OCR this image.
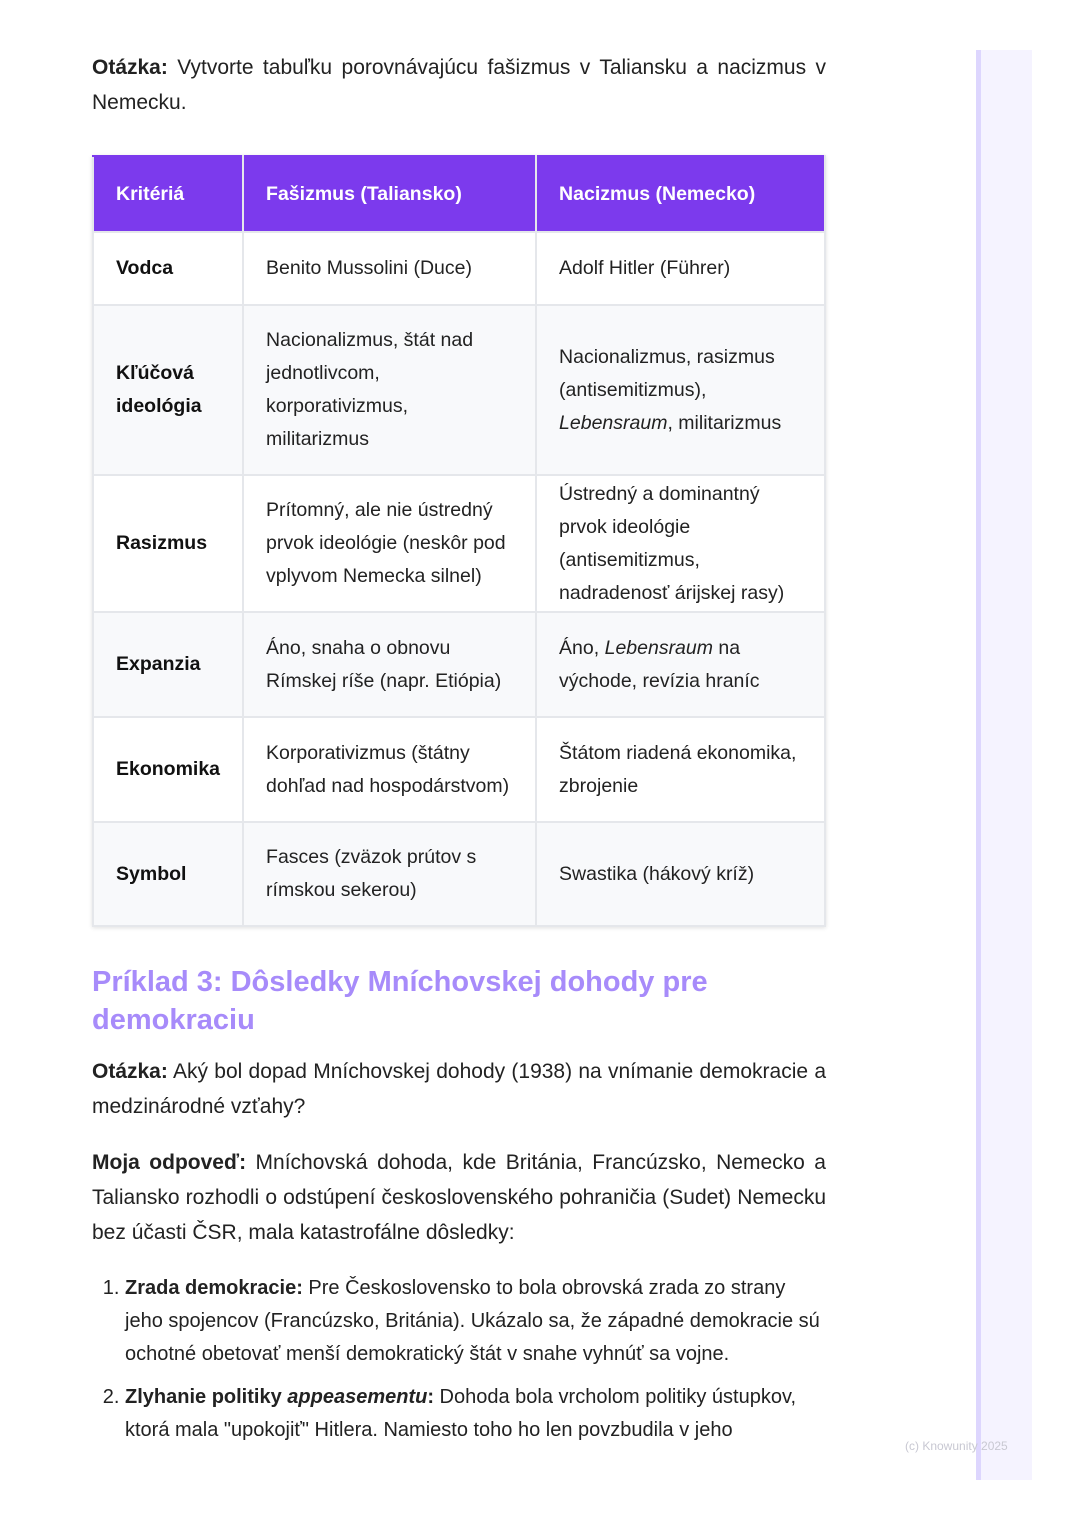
Otázka: Vytvorte tabuľku porovnávajúcu fašizmus v Taliansku a nacizmus v Nemecku.

Kritériá	Fašizmus (Taliansko)	Nacizmus (Nemecko)
Vodca	Benito Mussolini (Duce)	Adolf Hitler (Führer)
Kľúčová ideológia	Nacionalizmus, štát nad jednotlivcom, korporativizmus, militarizmus	Nacionalizmus, rasizmus (antisemitizmus), Lebensraum, militarizmus
Rasizmus	Prítomný, ale nie ústredný prvok ideológie (neskôr pod vplyvom Nemecka silnel)	Ústredný a dominantný prvok ideológie (antisemitizmus, nadradenosť árijskej rasy)
Expanzia	Áno, snaha o obnovu Rímskej ríše (napr. Etiópia)	Áno, Lebensraum na východe, revízia hraníc
Ekonomika	Korporativizmus (štátny dohľad nad hospodárstvom)	Štátom riadená ekonomika, zbrojenie
Symbol	Fasces (zväzok prútov s rímskou sekerou)	Swastika (hákový kríž)
Príklad 3: Dôsledky Mníchovskej dohody pre demokraciu

Otázka: Aký bol dopad Mníchovskej dohody (1938) na vnímanie demokracie a medzinárodné vzťahy?

Moja odpoveď: Mníchovská dohoda, kde Británia, Francúzsko, Nemecko a Taliansko rozhodli o odstúpení československého pohraničia (Sudet) Nemecku bez účasti ČSR, mala katastrofálne dôsledky:

1. Zrada demokracie: Pre Československo to bola obrovská zrada zo strany jeho spojencov (Francúzsko, Británia). Ukázalo sa, že západné demokracie sú ochotné obetovať menší demokratický štát v snahe vyhnúť sa vojne.
2. Zlyhanie politiky appeasementu: Dohoda bola vrcholom politiky ústupkov, ktorá mala "upokojiť" Hitlera. Namiesto toho ho len povzbudila v jeho
(c) Knowunity 2025
